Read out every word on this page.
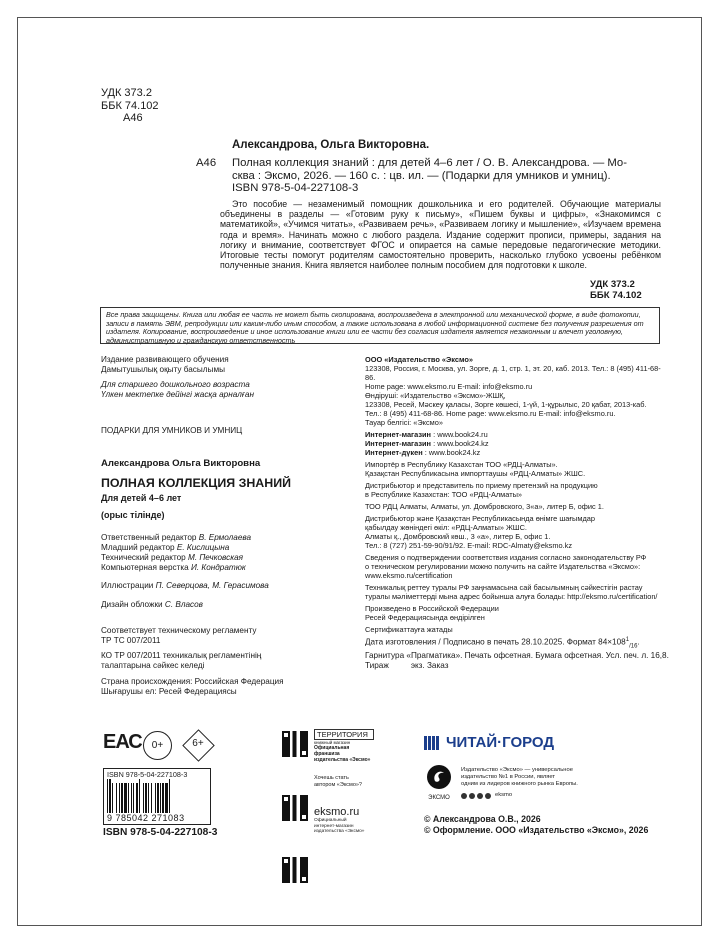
УДК 373.2
ББК 74.102
А46
Александрова, Ольга Викторовна.
А46 Полная коллекция знаний : для детей 4–6 лет / О. В. Александрова. — Мо-
сква : Эксмо, 2026. — 160 с. : цв. ил. — (Подарки для умников и умниц).
ISBN 978-5-04-227108-3
Это пособие — незаменимый помощник дошкольника и его родителей. Обучающие материалы объединены в разделы — «Готовим руку к письму», «Пишем буквы и цифры», «Знакомимся с математикой», «Учимся читать», «Развиваем речь», «Развиваем логику и мышление», «Изучаем времена года и время». Начинать можно с любого раздела. Издание содержит прописи, примеры, задания на логику и внимание, соответствует ФГОС и опирается на самые передовые педагогические методики. Итоговые тесты помогут родителям самостоятельно проверить, насколько глубоко усвоены ребёнком полученные знания. Книга является наиболее полным пособием для подготовки к школе.
УДК 373.2
ББК 74.102
Все права защищены. Книга или любая ее часть не может быть скопирована, воспроизведена в электронной или механической форме, в виде фотокопии, записи в память ЭВМ, репродукции или каким-либо иным способом, а также использована в любой информационной системе без получения разрешения от издателя. Копирование, воспроизведение и иное использование книги или ее части без согласия издателя является незаконным и влечет уголовную, административную и гражданскую ответственность
Издание развивающего обучения
Дамытушылық оқыту басылымы
Для старшего дошкольного возраста
Үлкен мектепке дейінгі жасқа арналған
ПОДАРКИ ДЛЯ УМНИКОВ И УМНИЦ
Александрова Ольга Викторовна
ПОЛНАЯ КОЛЛЕКЦИЯ ЗНАНИЙ
Для детей 4–6 лет
(орыс тілінде)
Ответственный редактор В. Ермолаева
Младший редактор Е. Кислицына
Технический редактор М. Печковская
Компьютерная верстка И. Кондратюк
Иллюстрации П. Северцова, М. Герасимова
Дизайн обложки С. Власов
Соответствует техническому регламенту
ТР ТС 007/2011
КО ТР 007/2011 техникалық регламентінің
талаптарына сәйкес келеді
Страна происхождения: Российская Федерация
Шығарушы ел: Ресей Федерациясы
ООО «Издательство «Эксмо»
123308, Россия, г. Москва, ул. Зорге, д. 1, стр. 1, эт. 20, каб. 2013. Тел.: 8 (495) 411-68-86.
Home page: www.eksmo.ru E-mail: info@eksmo.ru
Өндіруші: «Издательство «Эксмо»-ЖШҚ,
123308, Ресей, Мәскеу қаласы, Зорге көшесі, 1-үй, 1-құрылыс, 20 қабат, 2013-каб.
Тел.: 8 (495) 411-68-86. Home page: www.eksmo.ru E-mail: info@eksmo.ru.
Тауар белгісі: «Эксмо»
Интернет-магазин : www.book24.ru
Интернет-магазин : www.book24.kz
Интернет-дүкен : www.book24.kz
Импортёр в Республику Казахстан ТОО «РДЦ-Алматы».
Қазақстан Республикасына импорттаушы «РДЦ-Алматы» ЖШС.
Дистрибьютор и представитель по приему претензий на продукцию
в Республике Казахстан: ТОО «РДЦ-Алматы»
ТОО РДЦ Алматы, Алматы, ул. Домбровского, 3«а», литер Б, офис 1.
Дистрибьютор және Қазақстан Республикасында өнімге шағымдар
қабылдау жөніндегі өкіл: «РДЦ-Алматы» ЖШС.
Алматы қ., Домбровский көш., 3 «а», литер Б, офис 1.
Тел.: 8 (727) 251-59-90/91/92. E-mail: RDC-Almaty@eksmo.kz
Сведения о подтверждении соответствия издания согласно законодательству РФ
о техническом регулировании можно получить на сайте Издательства «Эксмо»:
www.eksmo.ru/certification
Техникалық реттеу туралы РФ заңнамасына сай басылымның сәйкестігін растау
туралы мәліметтерді мына адрес бойынша алуға болады: http://eksmo.ru/certification/
Произведено в Российской Федерации
Ресей Федерациясында өндірілген
Сертификаттауға жатады
Дата изготовления / Подписано в печать 28.10.2025. Формат $84\times 108^1_{/16}$.
Гарнитура «Прагматика». Печать офсетная. Бумага офсетная. Усл. печ. л. 16,8.
Тираж	экз. Заказ
ЕАС	0+	6+
ISBN 978-5-04-227108-3
9 785042 271083
ISBN 978-5-04-227108-3
ТЕРРИТОРИЯ
книжный магазин
Официальная франшиза
издательства «Эксмо»
Хочешь стать
автором «Эксмо»?
eksmo.ru
Официальный
интернет-магазин
издательства «Эксмо»
ЧИТАЙ·ГОРОД
ЭКСМО
Издательство «Эксмо» — универсальное
издательство №1 в России, являет
одним из лидеров книжного рынка Европы.
eksmo
© Александрова О.В., 2026
© Оформление. ООО «Издательство «Эксмо», 2026
